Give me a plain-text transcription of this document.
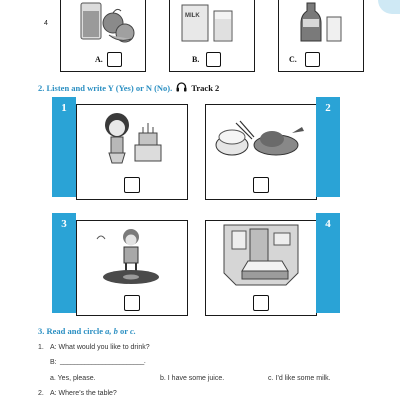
4
A.
MILK
B.	C.
2. Listen and write Y (Yes) or N (No). Track 2
1	2
3	4
3. Read and circle a, b or c.
1. A: What would you like to drink?
B: ________________________.
a. Yes, please.	b. I have some juice.	c. I’d like some milk.
2. A: Where’s the table?
